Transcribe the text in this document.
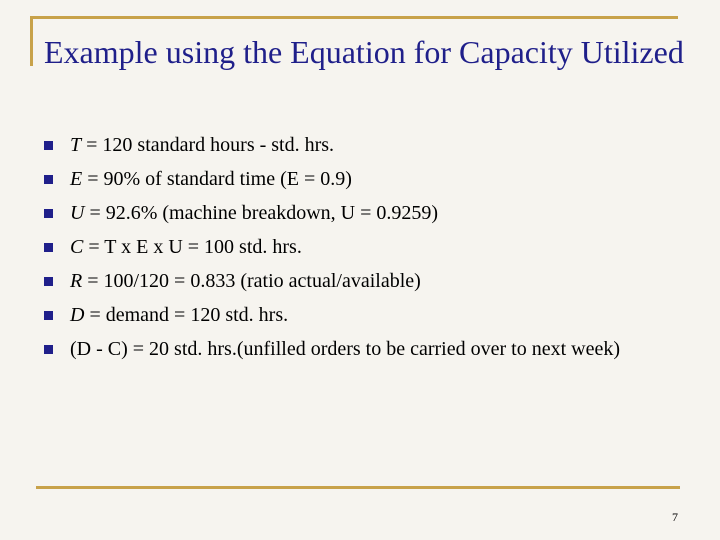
Example using the Equation for Capacity Utilized
T = 120 standard hours - std. hrs.
E = 90% of standard time (E = 0.9)
U = 92.6% (machine breakdown, U = 0.9259)
C = T x E x U = 100 std. hrs.
R = 100/120 = 0.833 (ratio actual/available)
D = demand = 120 std. hrs.
(D - C) = 20 std. hrs.(unfilled orders to be carried over to next week)
7
